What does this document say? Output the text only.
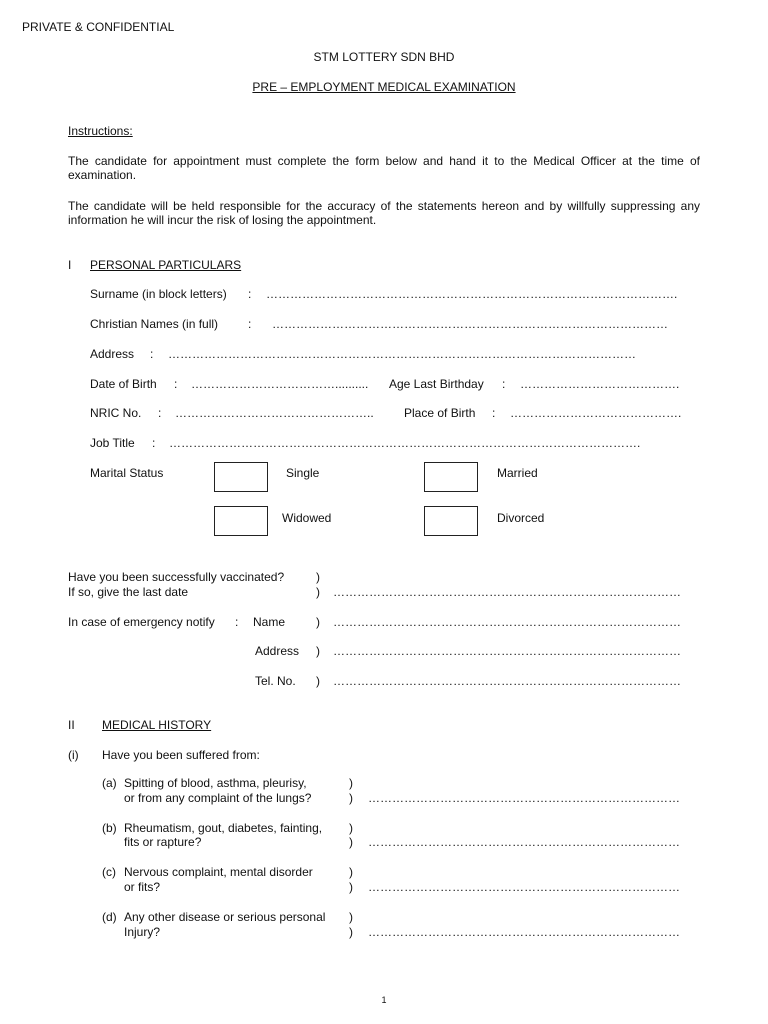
PRIVATE & CONFIDENTIAL
STM LOTTERY SDN BHD
PRE – EMPLOYMENT MEDICAL EXAMINATION
Instructions:
The candidate for appointment must complete the form below and hand it to the Medical Officer at the time of examination.
The candidate will be held responsible for the accuracy of the statements hereon and by willfully suppressing any information he will incur the risk of losing the appointment.
I PERSONAL PARTICULARS
Surname (in block letters) : ………………………………………………………………………………………….
Christian Names (in full) : ………………………………………………………………………………………
Address : ………………………………………………………………………………………………………
Date of Birth : ……………………………….......... Age Last Birthday : ………………………………….
NRIC No. : …………………………………………..	Place of Birth : …………………………………….
Job Title : ……………………………………………………………………………………………………….
Marital Status	Single	Married
Widowed	Divorced
Have you been successfully vaccinated?	)
If so, give the last date	) ……………………………………………………………………………
In case of emergency notify : Name	) ……………………………………………………………………………
Address ) ……………………………………………………………………………
Tel. No. ) ……………………………………………………………………………
II MEDICAL HISTORY
(i) Have you been suffered from:
(a) Spitting of blood, asthma, pleurisy,	)
or from any complaint of the lungs?	) ……………………………………………………………………
(b) Rheumatism, gout, diabetes, fainting, )
fits or rapture?	) ……………………………………………………………………
(c) Nervous complaint, mental disorder	)
or fits?	) ……………………………………………………………………
(d) Any other disease or serious personal )
Injury?	) ……………………………………………………………………
1
